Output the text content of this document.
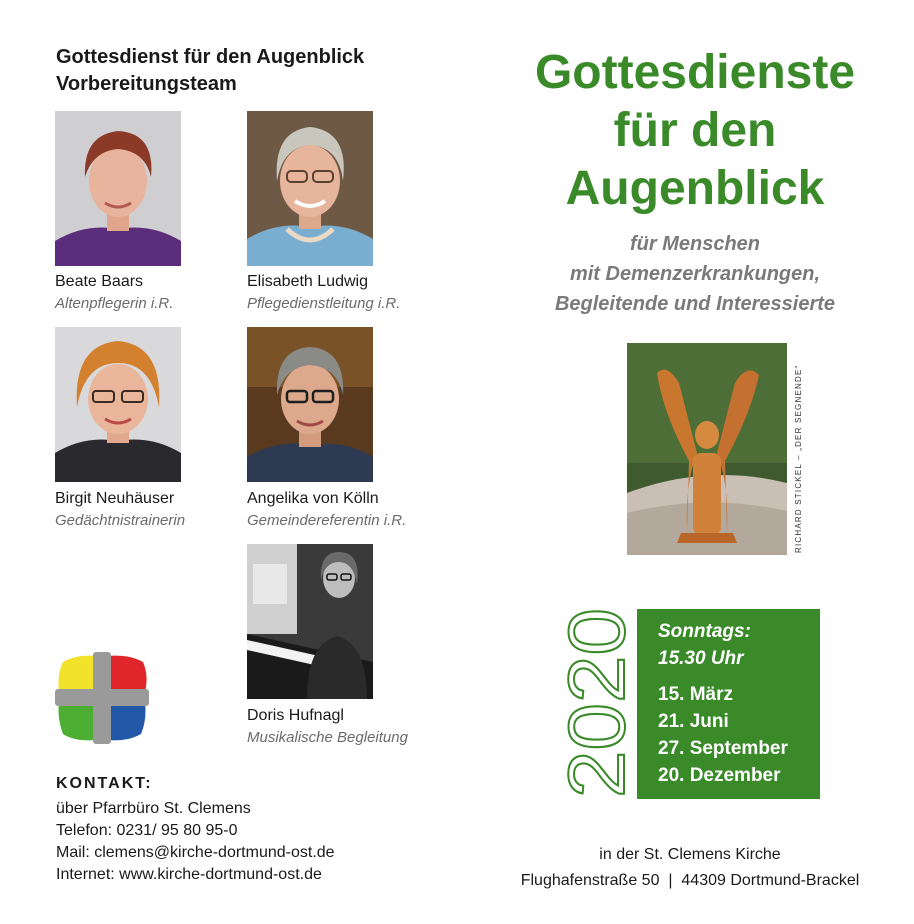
Gottesdienst für den Augenblick
Vorbereitungsteam
Beate Baars
Altenpflegerin i.R.
Elisabeth Ludwig
Pflegedienstleitung i.R.
Birgit Neuhäuser
Gedächtnistrainerin
Angelika von Kölln
Gemeindereferentin i.R.
Doris Hufnagl
Musikalische Begleitung
KONTAKT:
über Pfarrbüro St. Clemens
Telefon: 0231/ 95 80 95-0
Mail: clemens@kirche-dortmund-ost.de
Internet: www.kirche-dortmund-ost.de
Gottesdienste
für den
Augenblick
für Menschen
mit Demenzerkrankungen,
Begleitende und Interessierte
RICHARD STICKEL – „DER SEGNENDE“
2020 Sonntags:
15.30 Uhr
15. März
21. Juni
27. September
20. Dezember
in der St. Clemens Kirche
Flughafenstraße 50  |  44309 Dortmund-Brackel
